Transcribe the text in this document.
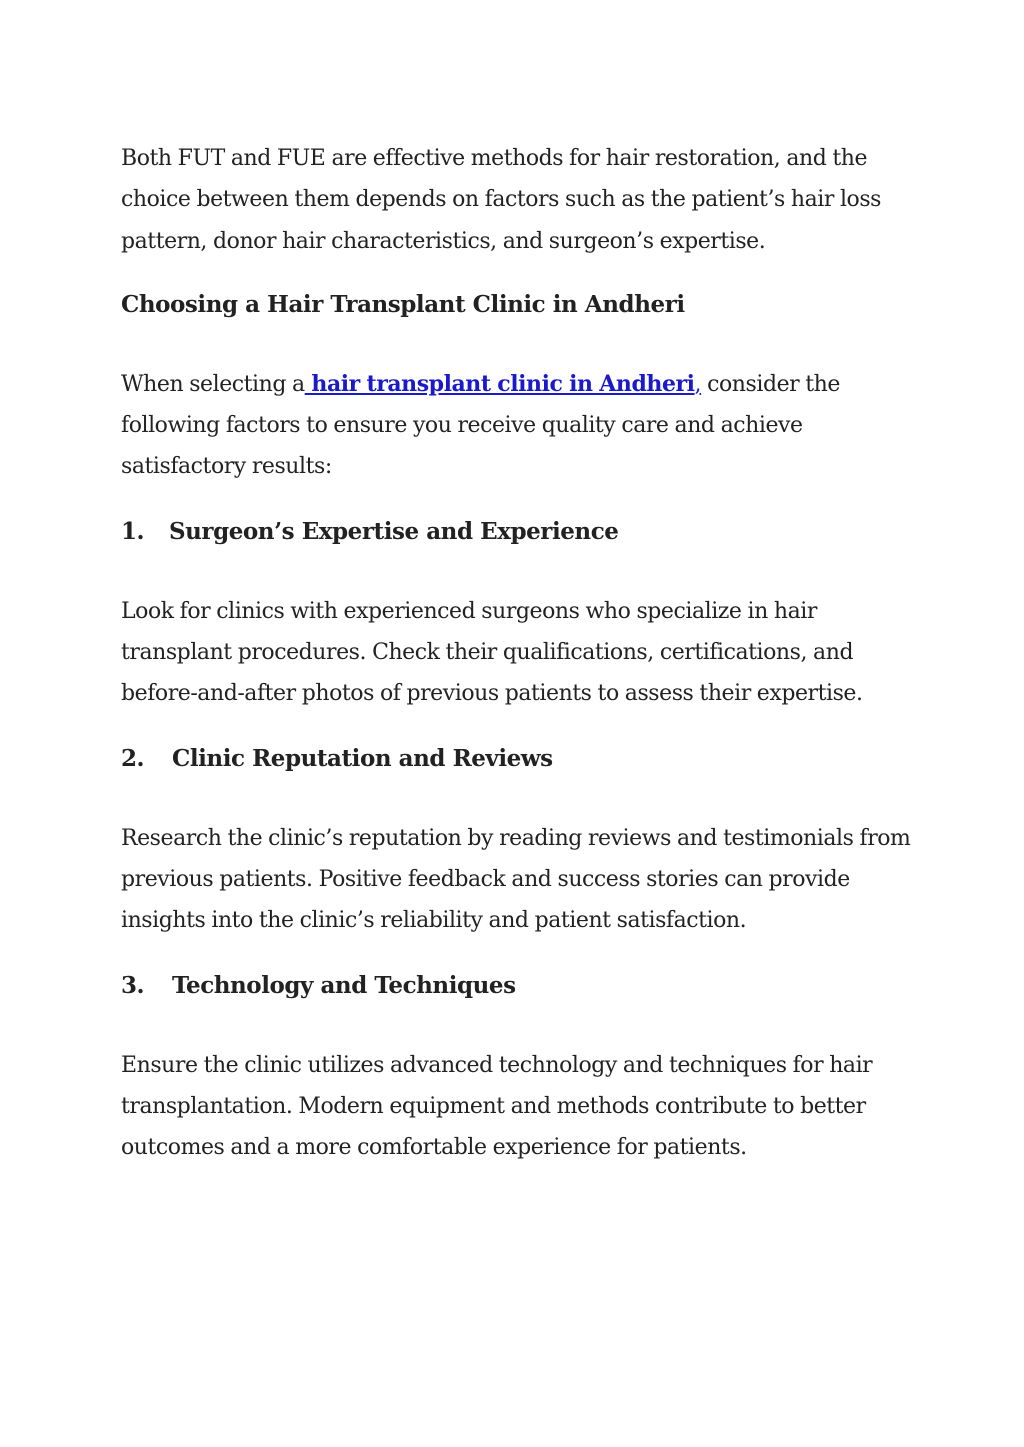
Both FUT and FUE are effective methods for hair restoration, and the choice between them depends on factors such as the patient’s hair loss pattern, donor hair characteristics, and surgeon’s expertise.

Choosing a Hair Transplant Clinic in Andheri

When selecting a hair transplant clinic in Andheri, consider the following factors to ensure you receive quality care and achieve satisfactory results:

1.	Surgeon’s Expertise and Experience

Look for clinics with experienced surgeons who specialize in hair transplant procedures. Check their qualifications, certifications, and before-and-after photos of previous patients to assess their expertise.

2.	Clinic Reputation and Reviews

Research the clinic’s reputation by reading reviews and testimonials from previous patients. Positive feedback and success stories can provide insights into the clinic’s reliability and patient satisfaction.

3.	Technology and Techniques

Ensure the clinic utilizes advanced technology and techniques for hair transplantation. Modern equipment and methods contribute to better outcomes and a more comfortable experience for patients.
